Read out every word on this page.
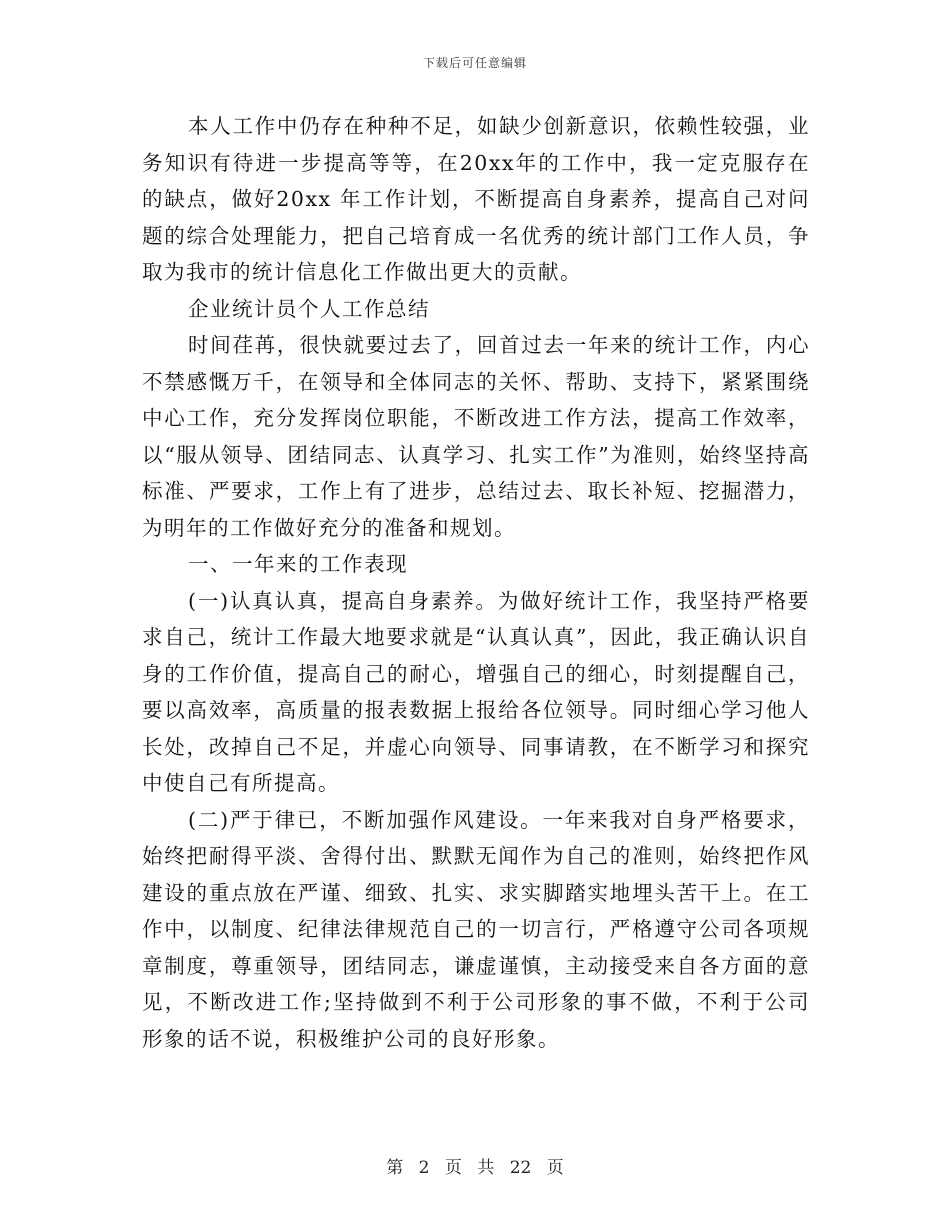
下载后可任意编辑

本人工作中仍存在种种不足，如缺少创新意识，依赖性较强，业务知识有待进一步提高等等，在20xx年的工作中，我一定克服存在的缺点，做好20xx 年工作计划，不断提高自身素养，提高自己对问题的综合处理能力，把自己培育成一名优秀的统计部门工作人员，争取为我市的统计信息化工作做出更大的贡献。

企业统计员个人工作总结

时间荏苒，很快就要过去了，回首过去一年来的统计工作，内心不禁感慨万千，在领导和全体同志的关怀、帮助、支持下，紧紧围绕中心工作，充分发挥岗位职能，不断改进工作方法，提高工作效率，以“服从领导、团结同志、认真学习、扎实工作”为准则，始终坚持高标准、严要求，工作上有了进步，总结过去、取长补短、挖掘潜力，为明年的工作做好充分的准备和规划。

一、一年来的工作表现

(一)认真认真，提高自身素养。为做好统计工作，我坚持严格要求自己，统计工作最大地要求就是“认真认真”，因此，我正确认识自身的工作价值，提高自己的耐心，增强自己的细心，时刻提醒自己，要以高效率，高质量的报表数据上报给各位领导。同时细心学习他人长处，改掉自己不足，并虚心向领导、同事请教，在不断学习和探究中使自己有所提高。

(二)严于律已，不断加强作风建设。一年来我对自身严格要求，始终把耐得平淡、舍得付出、默默无闻作为自己的准则，始终把作风建设的重点放在严谨、细致、扎实、求实脚踏实地埋头苦干上。在工作中，以制度、纪律法律规范自己的一切言行，严格遵守公司各项规章制度，尊重领导，团结同志，谦虚谨慎，主动接受来自各方面的意见，不断改进工作;坚持做到不利于公司形象的事不做，不利于公司形象的话不说，积极维护公司的良好形象。

第 2 页 共 22 页
